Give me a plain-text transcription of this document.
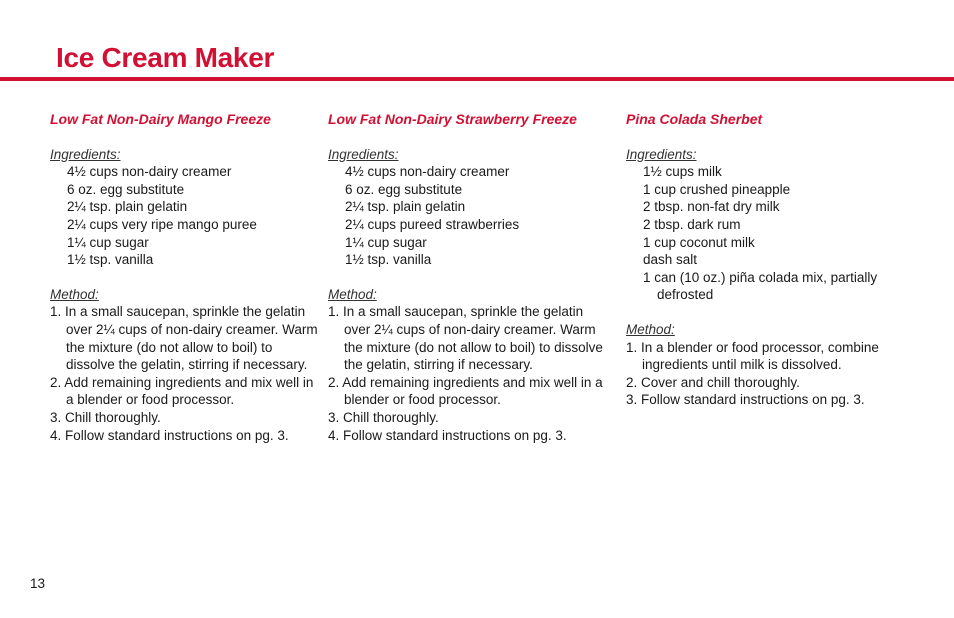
Ice Cream Maker
Low Fat Non-Dairy Mango Freeze

Ingredients:

4½ cups non-dairy creamer
6 oz. egg substitute
2¼ tsp. plain gelatin
2¼ cups very ripe mango puree
1¼ cup sugar
1½ tsp. vanilla

Method:

1. In a small saucepan, sprinkle the gelatin over 2¼ cups of non-dairy creamer. Warm the mixture (do not allow to boil) to dissolve the gelatin, stirring if necessary.
2. Add remaining ingredients and mix well in a blender or food processor.
3. Chill thoroughly.
4. Follow standard instructions on pg. 3.
Low Fat Non-Dairy Strawberry Freeze

Ingredients:

4½ cups non-dairy creamer
6 oz. egg substitute
2¼ tsp. plain gelatin
2¼ cups pureed strawberries
1¼ cup sugar
1½ tsp. vanilla

Method:

1. In a small saucepan, sprinkle the gelatin over 2¼ cups of non-dairy creamer. Warm the mixture (do not allow to boil) to dissolve the gelatin, stirring if necessary.
2. Add remaining ingredients and mix well in a blender or food processor.
3. Chill thoroughly.
4. Follow standard instructions on pg. 3.
Pina Colada Sherbet

Ingredients:

1½ cups milk
1 cup crushed pineapple
2 tbsp. non-fat dry milk
2 tbsp. dark rum
1 cup coconut milk
dash salt
1 can (10 oz.) piña colada mix, partially defrosted

Method:

1. In a blender or food processor, combine ingredients until milk is dissolved.
2. Cover and chill thoroughly.
3. Follow standard instructions on pg. 3.
13
